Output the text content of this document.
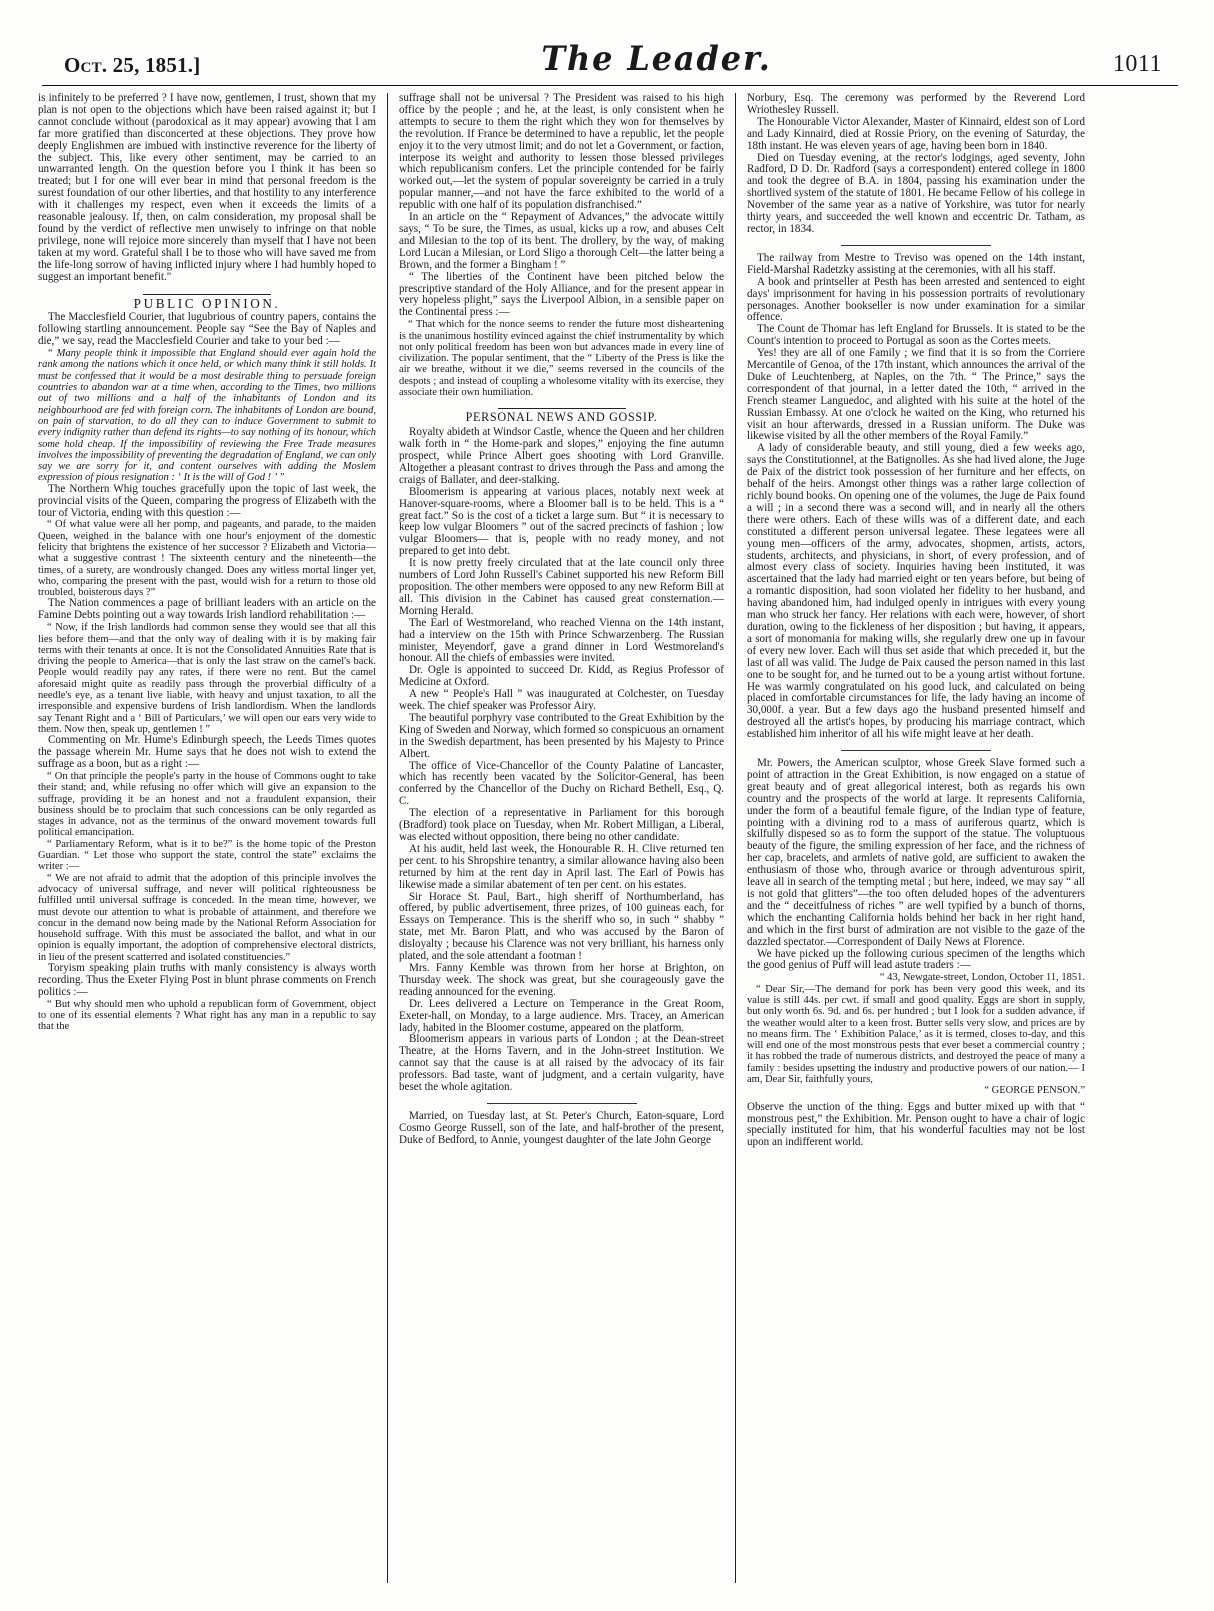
Oct. 25, 1851.]	The Leader.	1011

is infinitely to be preferred ? I have now, gentlemen, I trust, shown that my plan is not open to the objections which have been raised against it; but I cannot conclude without (parodoxical as it may appear) avowing that I am far more gratified than disconcerted at these objections. They prove how deeply Englishmen are imbued with instinctive reverence for the liberty of the subject. This, like every other sentiment, may be carried to an unwarranted length. On the question before you I think it has been so treated; but I for one will ever bear in mind that personal freedom is the surest foundation of our other liberties, and that hostility to any interference with it challenges my respect, even when it exceeds the limits of a reasonable jealousy. If, then, on calm consideration, my proposal shall be found by the verdict of reflective men unwisely to infringe on that noble privilege, none will rejoice more sincerely than myself that I have not been taken at my word. Grateful shall I be to those who will have saved me from the life-long sorrow of having inflicted injury where I had humbly hoped to suggest an important benefit."

PUBLIC OPINION.

The Macclesfield Courier, that lugubrious of country papers, contains the following startling announcement. People say “See the Bay of Naples and die,” we say, read the Macclesfield Courier and take to your bed :—

“ Many people think it impossible that England should ever again hold the rank among the nations which it once held, or which many think it still holds. It must be confessed that it would be a most desirable thing to persuade foreign countries to abandon war at a time when, according to the Times, two millions out of two millions and a half of the inhabitants of London and its neighbourhood are fed with foreign corn. The inhabitants of London are bound, on pain of starvation, to do all they can to induce Government to submit to every indignity rather than defend its rights—to say nothing of its honour, which some hold cheap. If the impossibility of reviewing the Free Trade measures involves the impossibility of preventing the degradation of England, we can only say we are sorry for it, and content ourselves with adding the Moslem expression of pious resignation : ‘ It is the will of God ! ’ ”

The Northern Whig touches gracefully upon the topic of last week, the provincial visits of the Queen, comparing the progress of Elizabeth with the tour of Victoria, ending with this question :—

“ Of what value were all her pomp, and pageants, and parade, to the maiden Queen, weighed in the balance with one hour's enjoyment of the domestic felicity that brightens the existence of her successor ? Elizabeth and Victoria—what a suggestive contrast ! The sixteenth century and the nineteenth—the times, of a surety, are wondrously changed. Does any witless mortal linger yet, who, comparing the present with the past, would wish for a return to those old troubled, boisterous days ?”

The Nation commences a page of brilliant leaders with an article on the Famine Debts pointing out a way towards Irish landlord rehabilitation :—

“ Now, if the Irish landlords had common sense they would see that all this lies before them—and that the only way of dealing with it is by making fair terms with their tenants at once. It is not the Consolidated Annuities Rate that is driving the people to America—that is only the last straw on the camel's back. People would readily pay any rates, if there were no rent. But the camel aforesaid might quite as readily pass through the proverbial difficulty of a needle's eye, as a tenant live liable, with heavy and unjust taxation, to all the irresponsible and expensive burdens of Irish landlordism. When the landlords say Tenant Right and a ‘ Bill of Particulars,’ we will open our ears very wide to them. Now then, speak up, gentlemen ! ”

Commenting on Mr. Hume's Edinburgh speech, the Leeds Times quotes the passage wherein Mr. Hume says that he does not wish to extend the suffrage as a boon, but as a right :—

“ On that principle the people's party in the house of Commons ought to take their stand; and, while refusing no offer which will give an expansion to the suffrage, providing it be an honest and not a fraudulent expansion, their business should be to proclaim that such concessions can be only regarded as stages in advance, not as the terminus of the onward movement towards full political emancipation.

“ Parliamentary Reform, what is it to be?” is the home topic of the Preston Guardian. “ Let those who support the state, control the state” exclaims the writer :—

“ We are not afraid to admit that the adoption of this principle involves the advocacy of universal suffrage, and never will political righteousness be fulfilled until universal suffrage is conceded. In the mean time, however, we must devote our attention to what is probable of attainment, and therefore we concur in the demand now being made by the National Reform Association for household suffrage. With this must be associated the ballot, and what in our opinion is equally important, the adoption of comprehensive electoral districts, in lieu of the present scatterred and isolated constituencies.”

Toryism speaking plain truths with manly consistency is always worth recording. Thus the Exeter Flying Post in blunt phrase comments on French politics :—

“ But why should men who uphold a republican form of Government, object to one of its essential elements ? What right has any man in a republic to say that the

suffrage shall not be universal ? The President was raised to his high office by the people ; and he, at the least, is only consistent when he attempts to secure to them the right which they won for themselves by the revolution. If France be determined to have a republic, let the people enjoy it to the very utmost limit; and do not let a Government, or faction, interpose its weight and authority to lessen those blessed privileges which republicanism confers. Let the principle contended for be fairly worked out,—let the system of popular sovereignty be carried in a truly popular manner,—and not have the farce exhibited to the world of a republic with one half of its population disfranchised.”

In an article on the “ Repayment of Advances,” the advocate wittily says, “ To be sure, the Times, as usual, kicks up a row, and abuses Celt and Milesian to the top of its bent. The drollery, by the way, of making Lord Lucan a Milesian, or Lord Sligo a thorough Celt—the latter being a Brown, and the former a Bingham ! ”

“ The liberties of the Continent have been pitched below the prescriptive standard of the Holy Alliance, and for the present appear in very hopeless plight,” says the Liverpool Albion, in a sensible paper on the Continental press :—

“ That which for the nonce seems to render the future most disheartening is the unanimous hostility evinced against the chief instrumentality by which not only political freedom has been won but advances made in every line of civilization. The popular sentiment, that the “ Liberty of the Press is like the air we breathe, without it we die,” seems reversed in the councils of the despots ; and instead of coupling a wholesome vitality with its exercise, they associate their own humiliation.

PERSONAL NEWS AND GOSSIP.

Royalty abideth at Windsor Castle, whence the Queen and her children walk forth in “ the Home-park and slopes,” enjoying the fine autumn prospect, while Prince Albert goes shooting with Lord Granville. Altogether a pleasant contrast to drives through the Pass and among the craigs of Ballater, and deer-stalking.

Bloomerism is appearing at various places, notably next week at Hanover-square-rooms, where a Bloomer ball is to be held. This is a “ great fact.” So is the cost of a ticket a large sum. But “ it is necessary to keep low vulgar Bloomers ” out of the sacred precincts of fashion ; low vulgar Bloomers— that is, people with no ready money, and not prepared to get into debt.

It is now pretty freely circulated that at the late council only three numbers of Lord John Russell's Cabinet supported his new Reform Bill proposition. The other members were opposed to any new Reform Bill at all. This division in the Cabinet has caused great consternation.—Morning Herald.

The Earl of Westmoreland, who reached Vienna on the 14th instant, had a interview on the 15th with Prince Schwarzenberg. The Russian minister, Meyendorf, gave a grand dinner in Lord Westmoreland's honour. All the chiefs of embassies were invited.

Dr. Ogle is appointed to succeed Dr. Kidd, as Regius Professor of Medicine at Oxford.

A new “ People's Hall ” was inaugurated at Colchester, on Tuesday week. The chief speaker was Professor Airy.

The beautiful porphyry vase contributed to the Great Exhibition by the King of Sweden and Norway, which formed so conspicuous an ornament in the Swedish department, has been presented by his Majesty to Prince Albert.

The office of Vice-Chancellor of the County Palatine of Lancaster, which has recently been vacated by the Solicitor-General, has been conferred by the Chancellor of the Duchy on Richard Bethell, Esq., Q. C.

The election of a representative in Parliament for this borough (Bradford) took place on Tuesday, when Mr. Robert Milligan, a Liberal, was elected without opposition, there being no other candidate.

At his audit, held last week, the Honourable R. H. Clive returned ten per cent. to his Shropshire tenantry, a similar allowance having also been returned by him at the rent day in April last. The Earl of Powis has likewise made a similar abatement of ten per cent. on his estates.

Sir Horace St. Paul, Bart., high sheriff of Northumberland, has offered, by public advertisement, three prizes, of 100 guineas each, for Essays on Temperance. This is the sheriff who so, in such “ shabby ” state, met Mr. Baron Platt, and who was accused by the Baron of disloyalty ; because his Clarence was not very brilliant, his harness only plated, and the sole attendant a footman !

Mrs. Fanny Kemble was thrown from her horse at Brighton, on Thursday week. The shock was great, but she courageously gave the reading announced for the evening.

Dr. Lees delivered a Lecture on Temperance in the Great Room, Exeter-hall, on Monday, to a large audience. Mrs. Tracey, an American lady, habited in the Bloomer costume, appeared on the platform.

Bloomerism appears in various parts of London ; at the Dean-street Theatre, at the Horns Tavern, and in the John-street Institution. We cannot say that the cause is at all raised by the advocacy of its fair professors. Bad taste, want of judgment, and a certain vulgarity, have beset the whole agitation.

Married, on Tuesday last, at St. Peter's Church, Eaton-square, Lord Cosmo George Russell, son of the late, and half-brother of the present, Duke of Bedford, to Annie, youngest daughter of the late John George

Norbury, Esq. The ceremony was performed by the Reverend Lord Wriothesley Russell.

The Honourable Victor Alexander, Master of Kinnaird, eldest son of Lord and Lady Kinnaird, died at Rossie Priory, on the evening of Saturday, the 18th instant. He was eleven years of age, having been born in 1840.

Died on Tuesday evening, at the rector's lodgings, aged seventy, John Radford, D D. Dr. Radford (says a correspondent) entered college in 1800 and took the degree of B.A. in 1804, passing his examination under the shortlived system of the statute of 1801. He became Fellow of his college in November of the same year as a native of Yorkshire, was tutor for nearly thirty years, and succeeded the well known and eccentric Dr. Tatham, as rector, in 1834.

The railway from Mestre to Treviso was opened on the 14th instant, Field-Marshal Radetzky assisting at the ceremonies, with all his staff.

A book and printseller at Pesth has been arrested and sentenced to eight days' imprisonment for having in his possession portraits of revolutionary personages. Another bookseller is now under examination for a similar offence.

The Count de Thomar has left England for Brussels. It is stated to be the Count's intention to proceed to Portugal as soon as the Cortes meets.

Yes! they are all of one Family ; we find that it is so from the Corriere Mercantile of Genoa, of the 17th instant, which announces the arrival of the Duke of Leuchtenberg, at Naples, on the 7th. “ The Prince,” says the correspondent of that journal, in a letter dated the 10th, “ arrived in the French steamer Languedoc, and alighted with his suite at the hotel of the Russian Embassy. At one o'clock he waited on the King, who returned his visit an hour afterwards, dressed in a Russian uniform. The Duke was likewise visited by all the other members of the Royal Family.”

A lady of considerable beauty, and still young, died a few weeks ago, says the Constitutionnel, at the Batignolles. As she had lived alone, the Juge de Paix of the district took possession of her furniture and her effects, on behalf of the heirs. Amongst other things was a rather large collection of richly bound books. On opening one of the volumes, the Juge de Paix found a will ; in a second there was a second will, and in nearly all the others there were others. Each of these wills was of a different date, and each constituted a different person universal legatee. These legatees were all young men—officers of the army, advocates, shopmen, artists, actors, students, architects, and physicians, in short, of every profession, and of almost every class of society. Inquiries having been instituted, it was ascertained that the lady had married eight or ten years before, but being of a romantic disposition, had soon violated her fidelity to her husband, and having abandoned him, had indulged openly in intrigues with every young man who struck her fancy. Her relations with each were, however, of short duration, owing to the fickleness of her disposition ; but having, it appears, a sort of monomania for making wills, she regularly drew one up in favour of every new lover. Each will thus set aside that which preceded it, but the last of all was valid. The Judge de Paix caused the person named in this last one to be sought for, and he turned out to be a young artist without fortune. He was warmly congratulated on his good luck, and calculated on being placed in comfortable circumstances for life, the lady having an income of 30,000f. a year. But a few days ago the husband presented himself and destroyed all the artist's hopes, by producing his marriage contract, which established him inheritor of all his wife might leave at her death.

Mr. Powers, the American sculptor, whose Greek Slave formed such a point of attraction in the Great Exhibition, is now engaged on a statue of great beauty and of great allegorical interest, both as regards his own country and the prospects of the world at large. It represents California, under the form of a beautiful female figure, of the Indian type of feature, pointing with a divining rod to a mass of auriferous quartz, which is skilfully dispesed so as to form the support of the statue. The voluptuous beauty of the figure, the smiling expression of her face, and the richness of her cap, bracelets, and armlets of native gold, are sufficient to awaken the enthusiasm of those who, through avarice or through adventurous spirit, leave all in search of the tempting metal ; but here, indeed, we may say “ all is not gold that glitters”—the too often deluded hopes of the adventurers and the “ deceitfulness of riches ” are well typified by a bunch of thorns, which the enchanting California holds behind her back in her right hand, and which in the first burst of admiration are not visible to the gaze of the dazzled spectator.—Correspondent of Daily News at Florence.

We have picked up the following curious specimen of the lengths which the good genius of Puff will lead astute traders :—

“ 43, Newgate-street, London, October 11, 1851.

“ Dear Sir,—The demand for pork has been very good this week, and its value is still 44s. per cwt. if small and good quality. Eggs are short in supply, but only worth 6s. 9d. and 6s. per hundred ; but I look for a sudden advance, if the weather would alter to a keen frost. Butter sells very slow, and prices are by no means firm. The ‘ Exhibition Palace,’ as it is termed, closes to-day, and this will end one of the most monstrous pests that ever beset a commercial country ; it has robbed the trade of numerous districts, and destroyed the peace of many a family : besides upsetting the industry and productive powers of our nation.— I am, Dear Sir, faithfully yours,

“ GEORGE PENSON.”

Observe the unction of the thing. Eggs and butter mixed up with that “ monstrous pest,” the Exhibition. Mr. Penson ought to have a chair of logic specially instituted for him, that his wonderful faculties may not be lost upon an indifferent world.
